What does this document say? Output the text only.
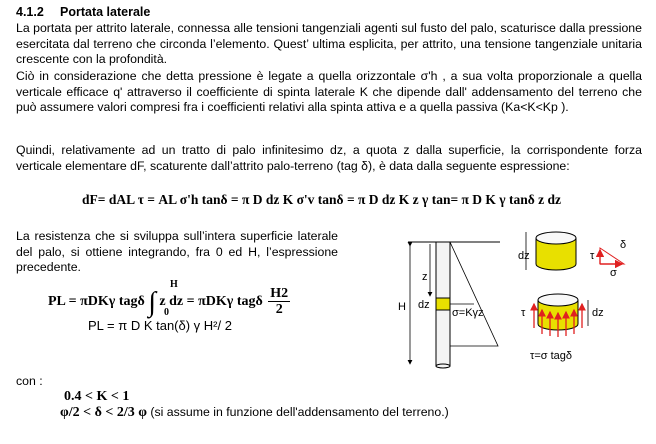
4.1.2 Portata laterale

La portata per attrito laterale, connessa alle tensioni tangenziali agenti sul fusto del palo, scaturisce dalla pressione esercitata dal terreno che circonda l’elemento. Quest’ ultima esplicita, per attrito, una tensione tangenziale unitaria crescente con la profondità.

Ciò in considerazione che detta pressione è legate a quella orizzontale σ'h , a sua volta proporzionale a quella verticale efficace q' attraverso il coefficiente di spinta laterale K che dipende dall' addensamento del terreno che può assumere valori compresi fra i coefficienti relativi alla spinta attiva e a quella passiva (Ka<K<Kp ).

Quindi, relativamente ad un tratto di palo infinitesimo dz, a quota z dalla superficie, la corrispondente forza verticale elementare dF, scaturente dall’attrito palo-terreno (tag δ), è data dalla seguente espressione:

dF= dAL τ = AL σ'h tanδ = π D dz K σ'v tanδ = π D dz K z γ tan= π D K γ tanδ z dz

La resistenza che si sviluppa sull’intera superficie laterale del palo, si ottiene integrando, fra 0 ed H, l’espressione precedente.

PL = πDKγ tagδ ∫
H
0
z dz = πDKγ tagδ $\frac{H2}{2}$
PL = π D K tan(δ) γ H²/ 2
H
z
dz
σ=Kγz
dz	τ
δ
σ
τ	dz
τ=σ tagδ
con :
0.4 < K < 1
φ/2 < δ < 2/3 φ (si assume in funzione dell'addensamento del terreno.)
